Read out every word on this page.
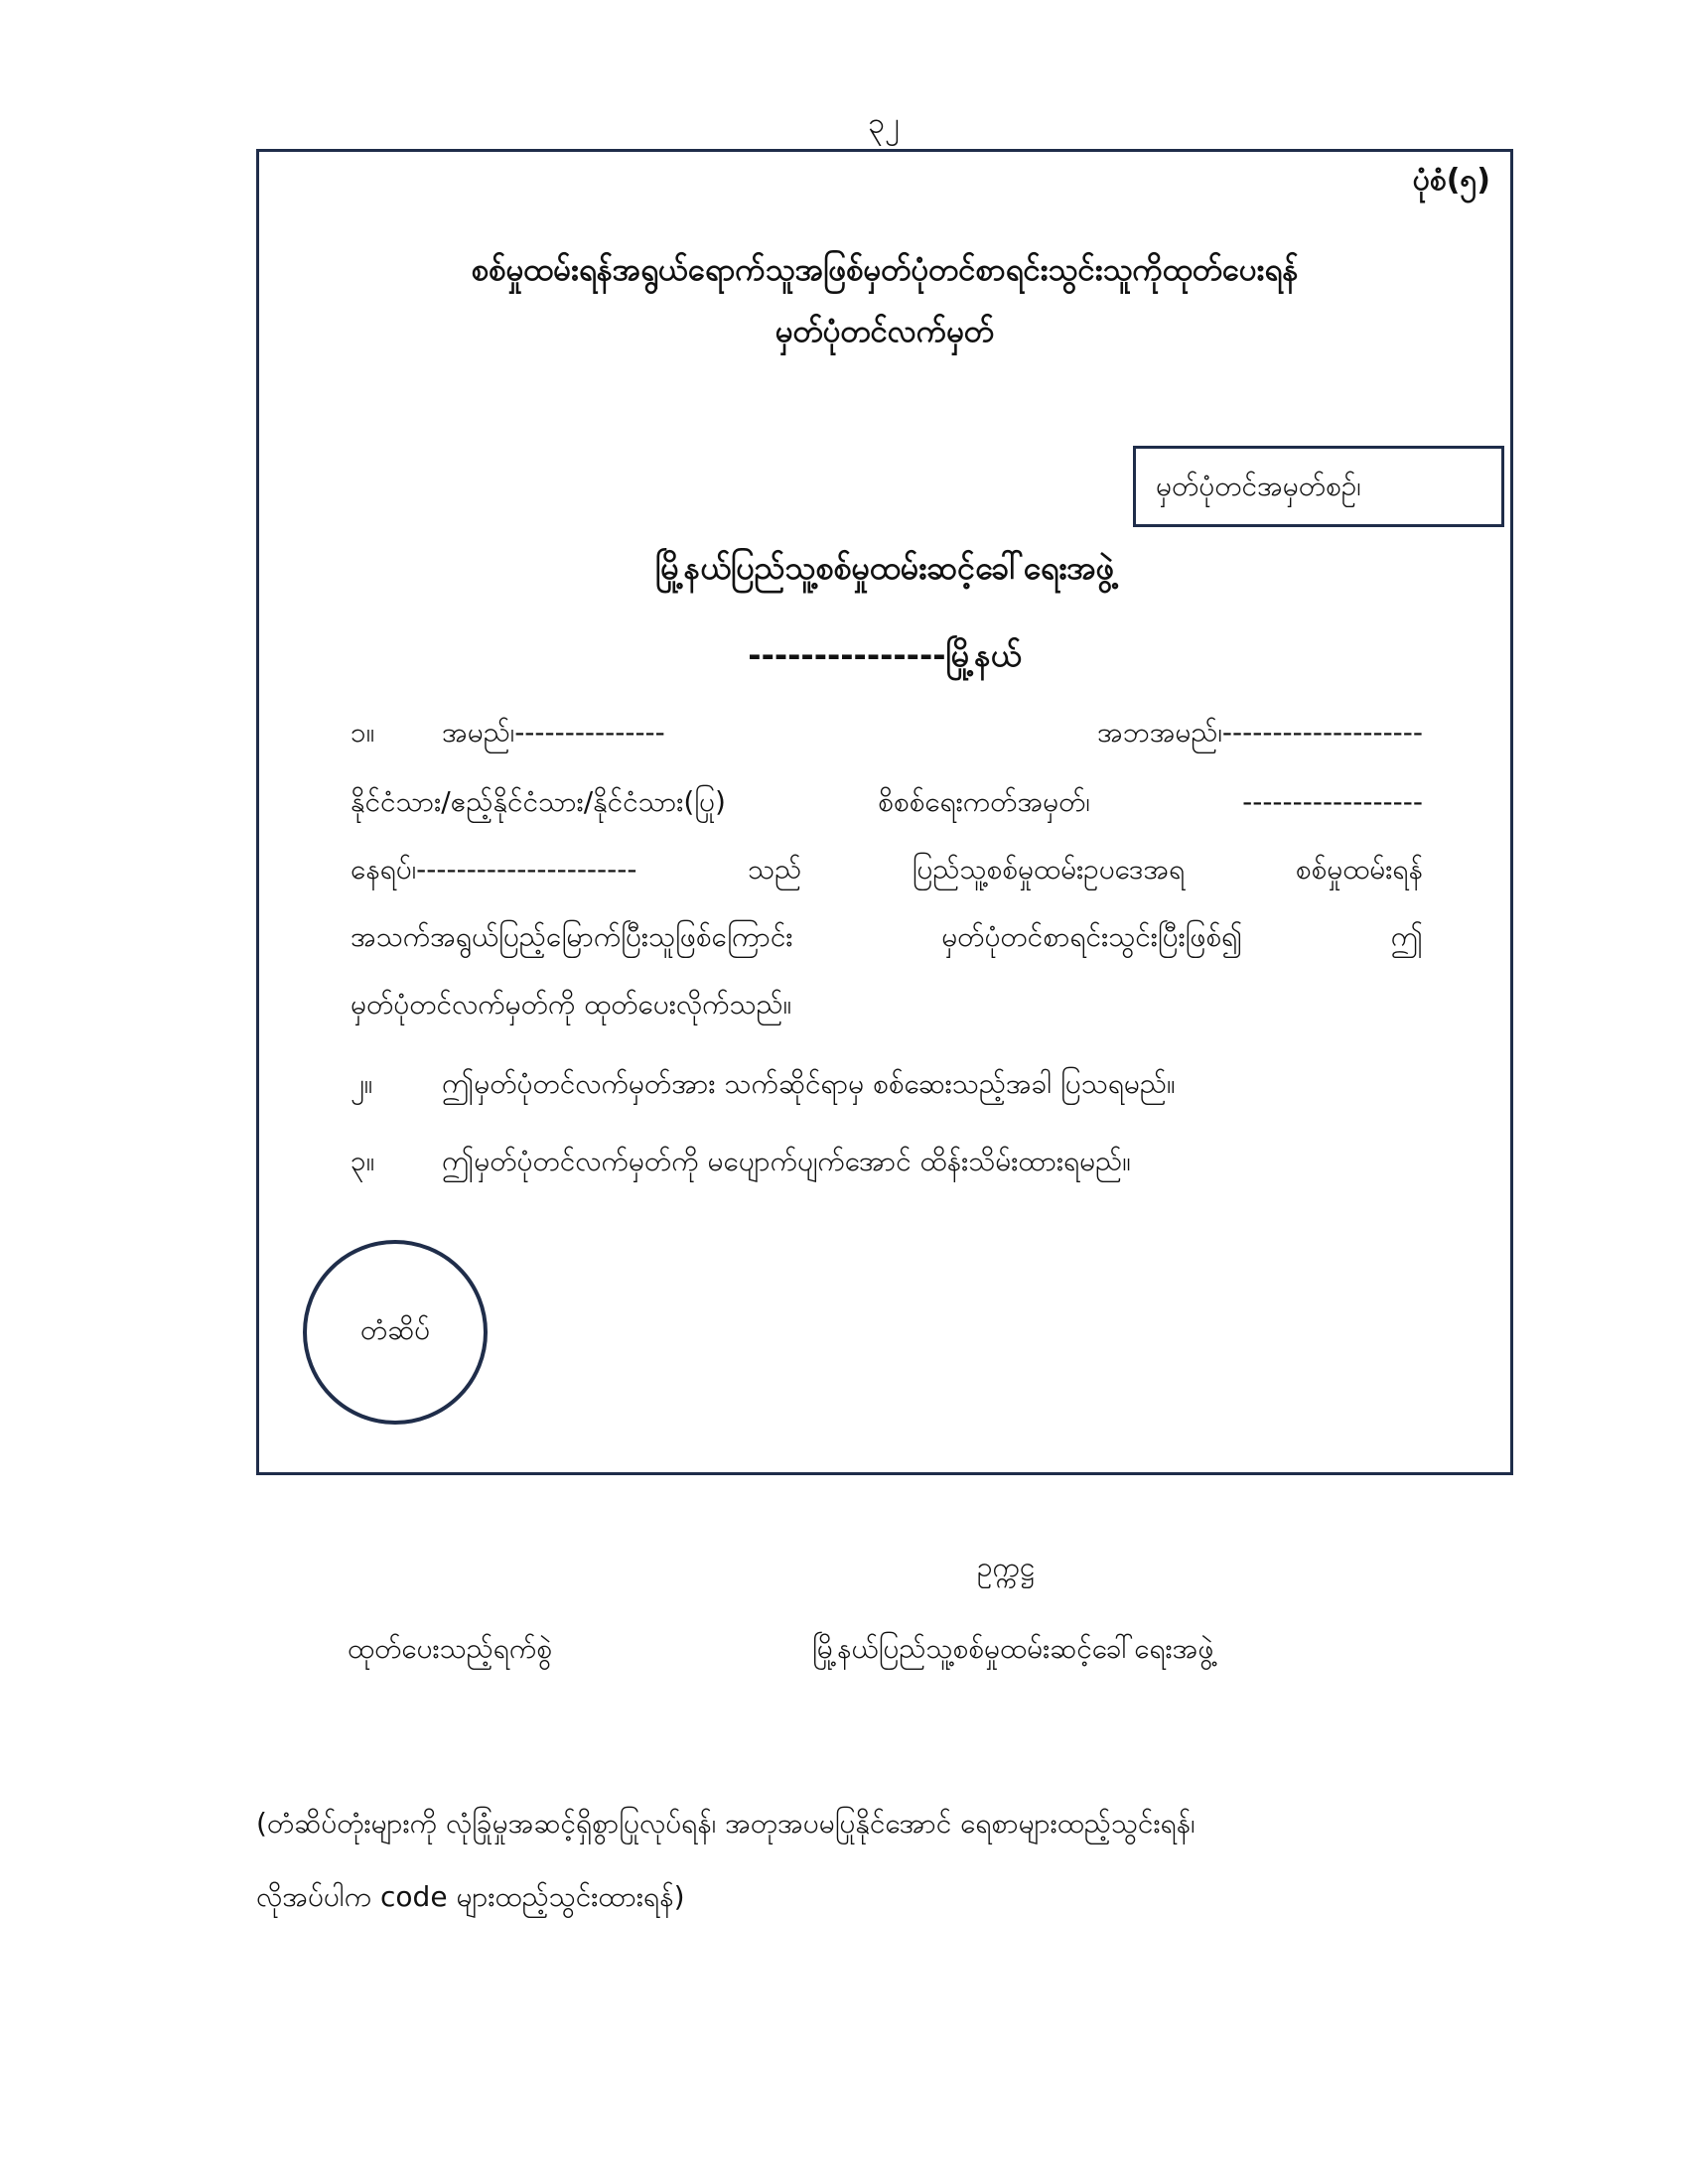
၃၂
ပုံစံ(၅)
စစ်မှုထမ်းရန်အရွယ်ရောက်သူအဖြစ်မှတ်ပုံတင်စာရင်းသွင်းသူကိုထုတ်ပေးရန်
မှတ်ပုံတင်လက်မှတ်
မှတ်ပုံတင်အမှတ်စဉ်၊
မြို့နယ်ပြည်သူ့စစ်မှုထမ်းဆင့်ခေါ်ရေးအဖွဲ့
---------------မြို့နယ်
၁။ အမည်၊---------------	အဘအမည်၊--------------------
နိုင်ငံသား/ဧည့်နိုင်ငံသား/နိုင်ငံသား(ပြု)	စိစစ်ရေးကတ်အမှတ်၊	------------------
နေရပ်၊----------------------	သည်	ပြည်သူ့စစ်မှုထမ်းဥပဒေအရ	စစ်မှုထမ်းရန်
အသက်အရွယ်ပြည့်မြောက်ပြီးသူဖြစ်ကြောင်း	မှတ်ပုံတင်စာရင်းသွင်းပြီးဖြစ်၍	ဤ
မှတ်ပုံတင်လက်မှတ်ကို ထုတ်ပေးလိုက်သည်။
၂။ ဤမှတ်ပုံတင်လက်မှတ်အား သက်ဆိုင်ရာမှ စစ်ဆေးသည့်အခါ ပြသရမည်။
၃။ ဤမှတ်ပုံတင်လက်မှတ်ကို မပျောက်ပျက်အောင် ထိန်းသိမ်းထားရမည်။
တံဆိပ်
ဥက္ကဋ္ဌ
ထုတ်ပေးသည့်ရက်စွဲ	မြို့နယ်ပြည်သူ့စစ်မှုထမ်းဆင့်ခေါ်ရေးအဖွဲ့
(တံဆိပ်တုံးများကို လုံခြုံမှုအဆင့်ရှိစွာပြုလုပ်ရန်၊ အတုအပမပြုနိုင်အောင် ရေစာများထည့်သွင်းရန်၊
လိုအပ်ပါက code များထည့်သွင်းထားရန်)
